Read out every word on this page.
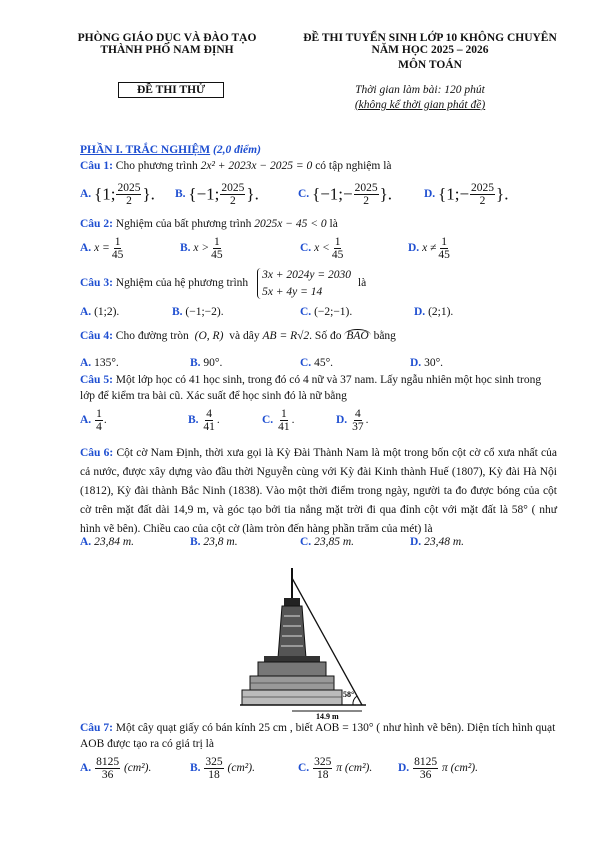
PHÒNG GIÁO DỤC VÀ ĐÀO TẠO
THÀNH PHỐ NAM ĐỊNH
ĐỀ THI TUYỂN SINH LỚP 10 KHÔNG CHUYÊN
NĂM HỌC 2025 – 2026
MÔN TOÁN
ĐỀ THI THỬ	Thời gian làm bài: 120 phút
(không kể thời gian phát đề)
PHẦN I. TRẮC NGHIỆM (2,0 điểm)
Câu 1: Cho phương trình 2x² + 2023x − 2025 = 0 có tập nghiệm là
A. {1; $\frac{2025}{2}$ }. B. {−1; $\frac{2025}{2}$ }.	C. {−1;− $\frac{2025}{2}$ }.	D. {1;− $\frac{2025}{2}$ }.
Câu 2: Nghiệm của bất phương trình 2025x − 45 < 0 là
A. $x = \frac{1}{45}$	B. $x > \frac{1}{45}$	C. $x < \frac{1}{45}$	D. $x \ne \frac{1}{45}$
Câu 3: Nghiệm của hệ phương trình
3x + 2024y = 2030
5x + 4y = 14
là
A. (1;2).	B. (−1;−2).	C. (−2;−1).	D. (2;1).
Câu 4: Cho đường tròn (O, R) và dây AB = R√2. Số đo BAO bằng
A. 135°.	B. 90°.	C. 45°.	D. 30°.
Câu 5: Một lớp học có 41 học sinh, trong đó có 4 nữ và 37 nam. Lấy ngẫu nhiên một học sinh trong lớp để kiểm tra bài cũ. Xác suất để học sinh đó là nữ bằng
A. $\frac{1}{4}$ .	B. $\frac{4}{41}$ .	C. $\frac{1}{41}$ .	D. $\frac{4}{37}$ .
Câu 6: Cột cờ Nam Định, thời xưa gọi là Kỳ Đài Thành Nam là một trong bốn cột cờ cổ xưa nhất của cả nước, được xây dựng vào đầu thời Nguyễn cùng với Kỳ đài Kinh thành Huế (1807), Kỳ đài Hà Nội (1812), Kỳ đài thành Bắc Ninh (1838). Vào một thời điểm trong ngày, người ta đo được bóng của cột cờ trên mặt đất dài 14,9 m, và góc tạo bởi tia nắng mặt trời đi qua đỉnh cột với mặt đất là 58° ( như hình vẽ bên). Chiều cao của cột cờ (làm tròn đến hàng phần trăm của mét) là
A. 23,84 m.	B. 23,8 m.	C. 23,85 m.	D. 23,48 m.
58°
14.9 m
Câu 7: Một cây quạt giấy có bán kính 25 cm , biết AOB = 130° ( như hình vẽ bên). Diện tích hình quạt AOB được tạo ra có giá trị là
A. $\frac{8125}{36} (cm^2)$.	B. $\frac{325}{18} (cm^2)$.	C. $\frac{325}{18}$ π (cm²). D. $\frac{8125}{36}$ π (cm²).
